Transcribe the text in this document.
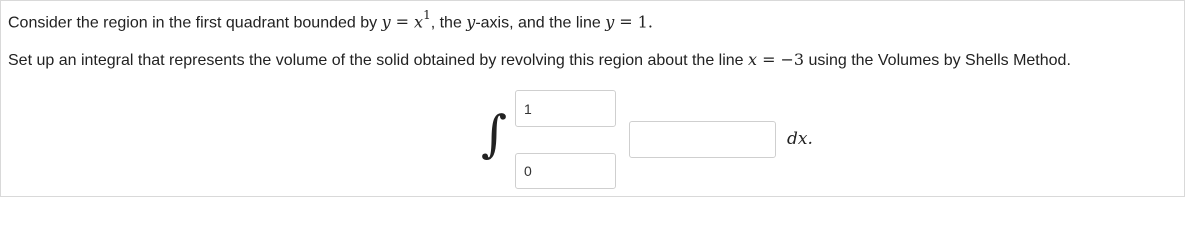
Consider the region in the first quadrant bounded by $y = x^1$, the y-axis, and the line y = 1.
Set up an integral that represents the volume of the solid obtained by revolving this region about the line x = −3 using the Volumes by Shells Method.
∫
1
0	dx.
